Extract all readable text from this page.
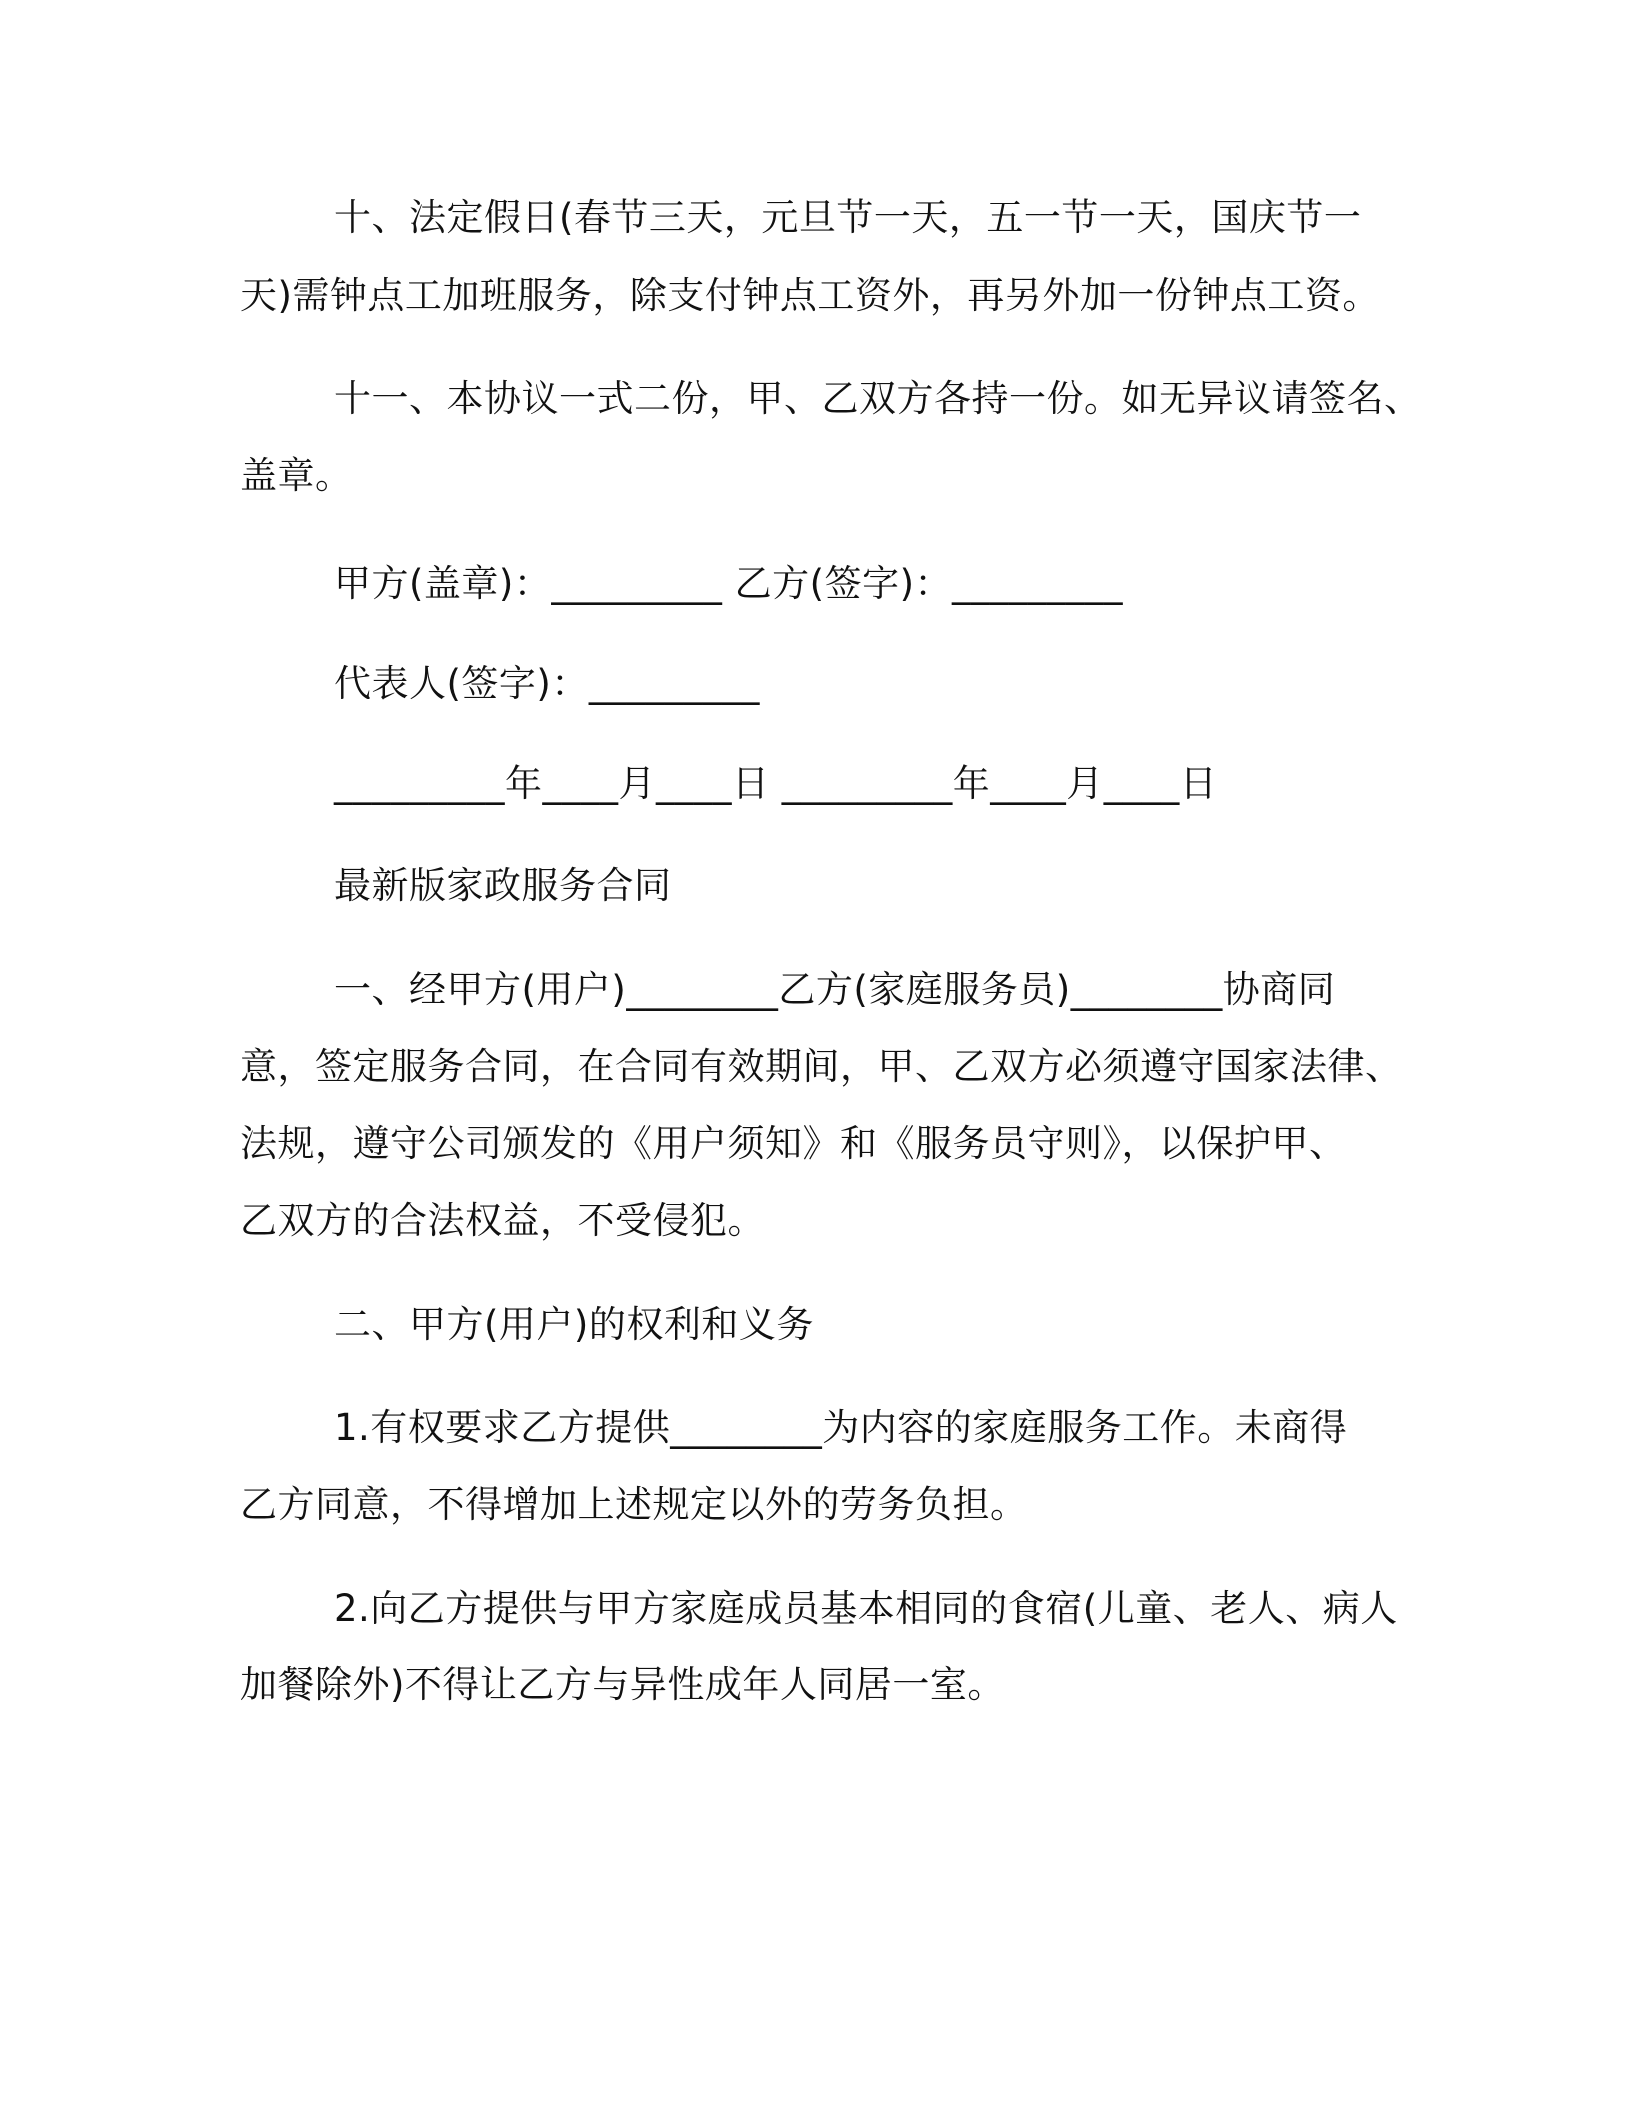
十、法定假日(春节三天，元旦节一天，五一节一天，国庆节一
天)需钟点工加班服务，除支付钟点工资外，再另外加一份钟点工资。
十一、本协议一式二份，甲、乙双方各持一份。如无异议请签名、
盖章。
甲方(盖章)：_________ 乙方(签字)：_________
代表人(签字)：_________
_________年____月____日 _________年____月____日
最新版家政服务合同
一、经甲方(用户)________乙方(家庭服务员)________协商同
意，签定服务合同，在合同有效期间，甲、乙双方必须遵守国家法律、
法规，遵守公司颁发的《用户须知》和《服务员守则》，以保护甲、
乙双方的合法权益，不受侵犯。
二、甲方(用户)的权利和义务
1.有权要求乙方提供________为内容的家庭服务工作。未商得
乙方同意，不得增加上述规定以外的劳务负担。
2.向乙方提供与甲方家庭成员基本相同的食宿(儿童、老人、病人
加餐除外)不得让乙方与异性成年人同居一室。
